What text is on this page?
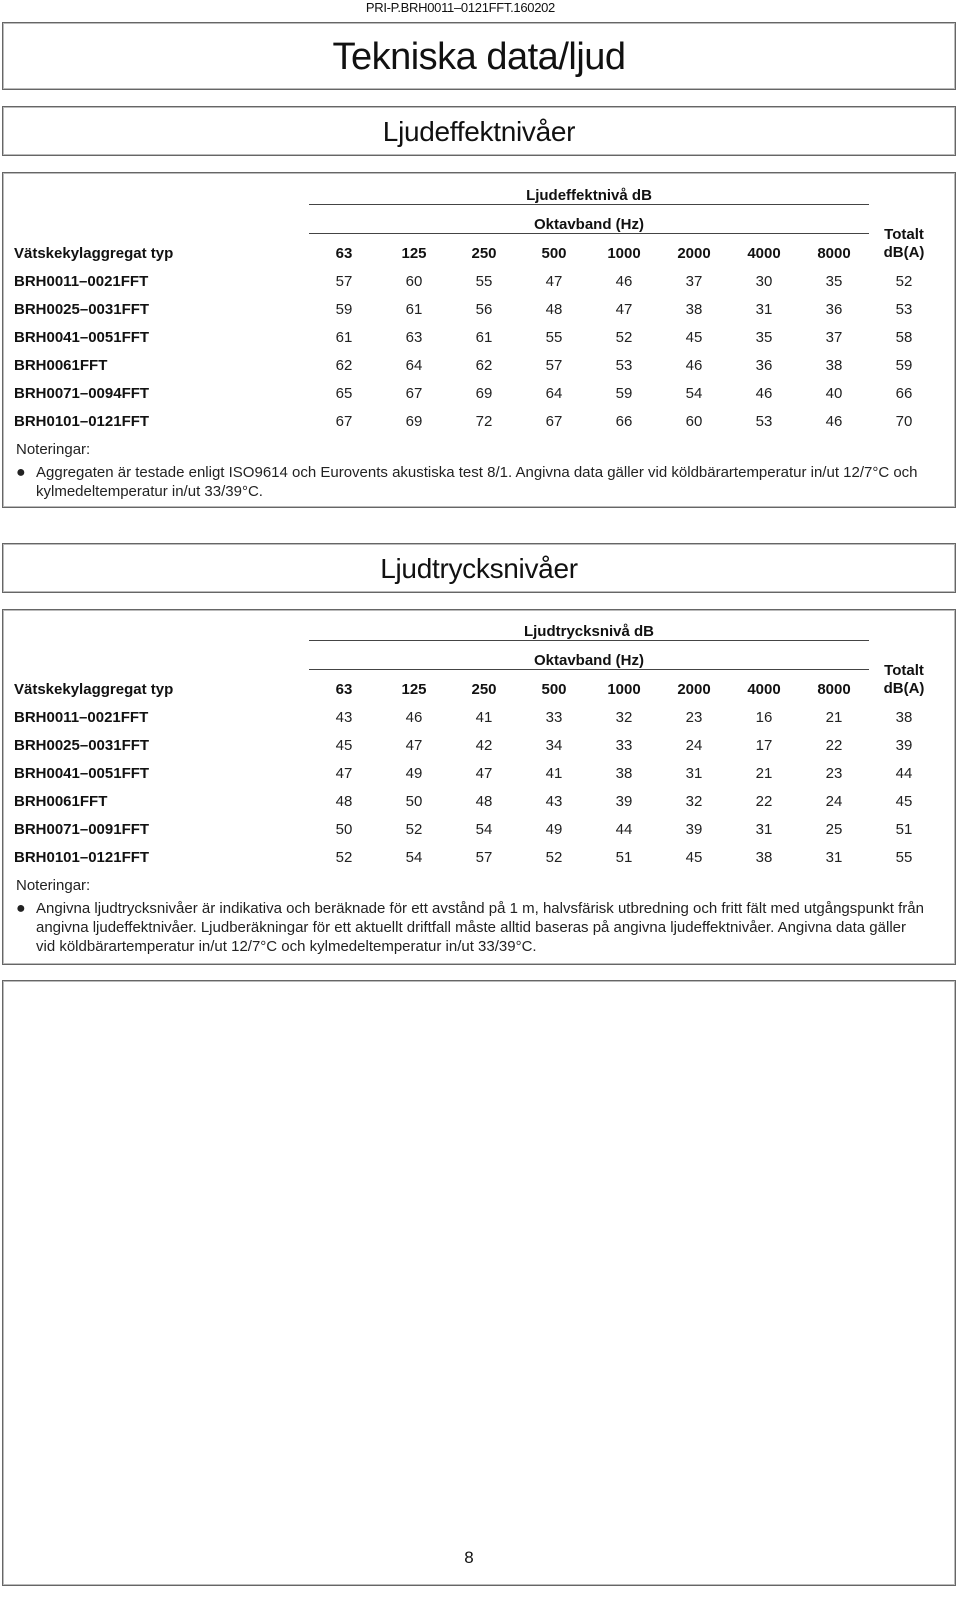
PRI-P.BRH0011–0121FFT.160202
Tekniska data/ljud
Ljudeffektnivåer
	Ljudeffektnivå dB								Totalt
dB(A)

	Oktavband (Hz)								
Vätskekylaggregat typ	63	125	250	500	1000	2000	4000	8000	
BRH0011–0021FFT	57	60	55	47	46	37	30	35	52
BRH0025–0031FFT	59	61	56	48	47	38	31	36	53
BRH0041–0051FFT	61	63	61	55	52	45	35	37	58
BRH0061FFT	62	64	62	57	53	46	36	38	59
BRH0071–0094FFT	65	67	69	64	59	54	46	40	66
BRH0101–0121FFT	67	69	72	67	66	60	53	46	70
Noteringar:
● Aggregaten är testade enligt ISO9614 och Eurovents akustiska test 8/1. Angivna data gäller vid köldbärartemperatur in/ut 12/7°C och kylmedeltemperatur in/ut 33/39°C.
Ljudtrycksnivåer
	Ljudtrycksnivå dB								Totalt
dB(A)

	Oktavband (Hz)								
Vätskekylaggregat typ	63	125	250	500	1000	2000	4000	8000	
BRH0011–0021FFT	43	46	41	33	32	23	16	21	38
BRH0025–0031FFT	45	47	42	34	33	24	17	22	39
BRH0041–0051FFT	47	49	47	41	38	31	21	23	44
BRH0061FFT	48	50	48	43	39	32	22	24	45
BRH0071–0091FFT	50	52	54	49	44	39	31	25	51
BRH0101–0121FFT	52	54	57	52	51	45	38	31	55
Noteringar:
● Angivna ljudtrycksnivåer är indikativa och beräknade för ett avstånd på 1 m, halvsfärisk utbredning och fritt fält med utgångspunkt från angivna ljudeffektnivåer. Ljudberäkningar för ett aktuellt driftfall måste alltid baseras på angivna ljudeffektnivåer. Angivna data gäller vid köldbärartemperatur in/ut 12/7°C och kylmedeltemperatur in/ut 33/39°C.
8
